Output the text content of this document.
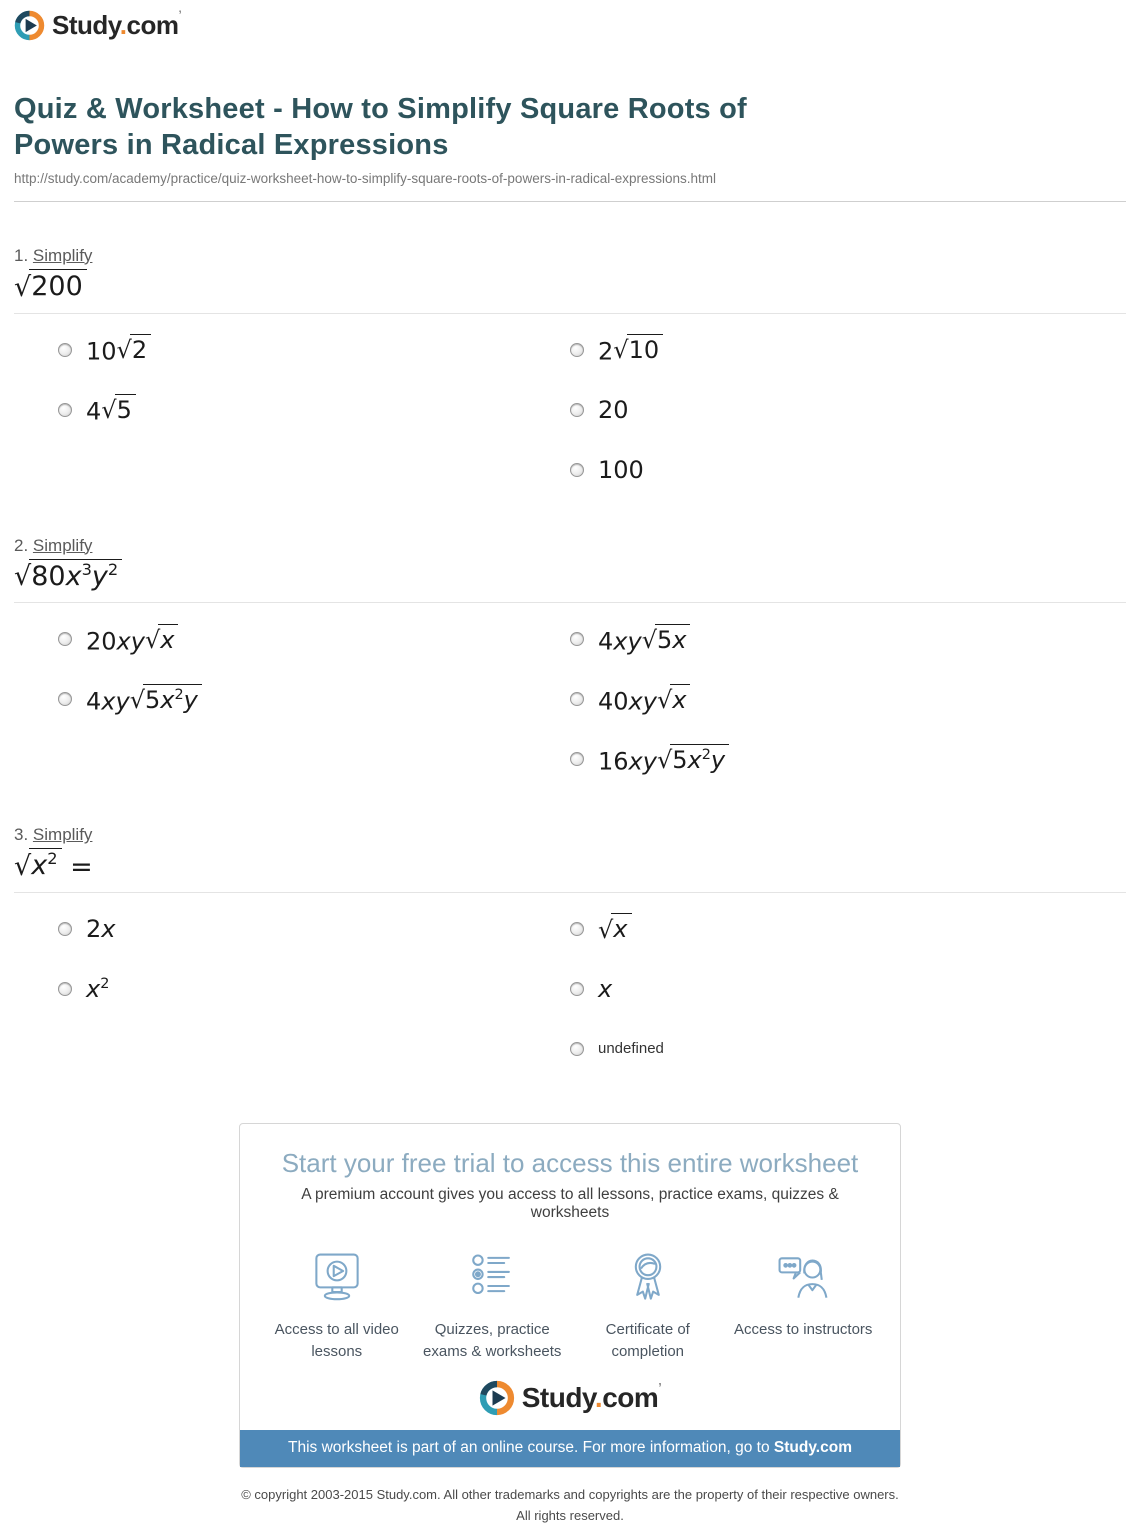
Study.com’
Quiz & Worksheet - How to Simplify Square Roots of Powers in Radical Expressions
http://study.com/academy/practice/quiz-worksheet-how-to-simplify-square-roots-of-powers-in-radical-expressions.html
1. Simplify
√ 200
10 √ 2
4 √ 5
2 √ 10
20
100
2. Simplify
√ $80x^3y^2$
20xy √ x
4xy √ $5x^2y$
4xy √ 5x
40xy √ x
16xy √ $5x^2y$
3. Simplify
√ $x^2$ =
2x
$x^2$
√ x
x
undefined
Start your free trial to access this entire worksheet
A premium account gives you access to all lessons, practice exams, quizzes & worksheets
Access to all video lessons
Quizzes, practice exams & worksheets
Certificate of completion
Access to instructors
Study.com’
This worksheet is part of an online course. For more information, go to Study.com
© copyright 2003-2015 Study.com. All other trademarks and copyrights are the property of their respective owners.
All rights reserved.
